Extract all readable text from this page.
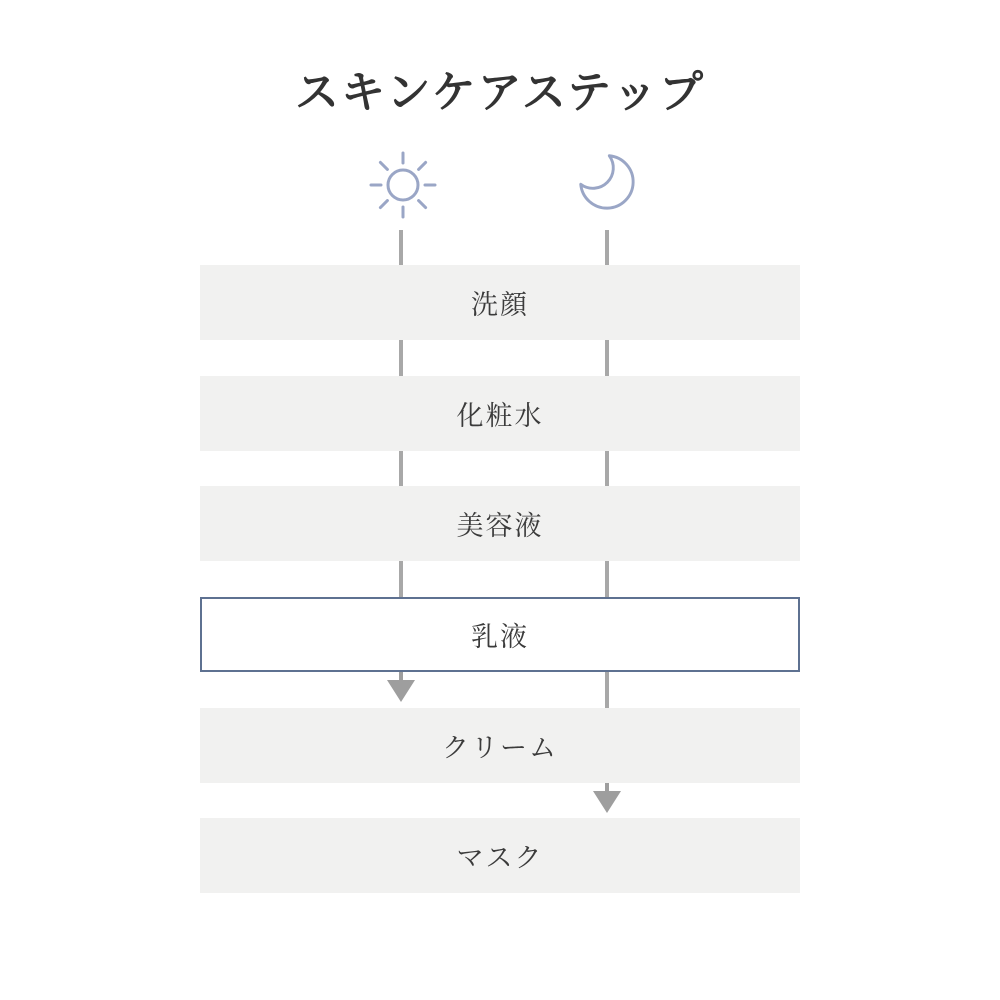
スキンケアステップ
洗顔
化粧水
美容液
乳液
クリーム
マスク
